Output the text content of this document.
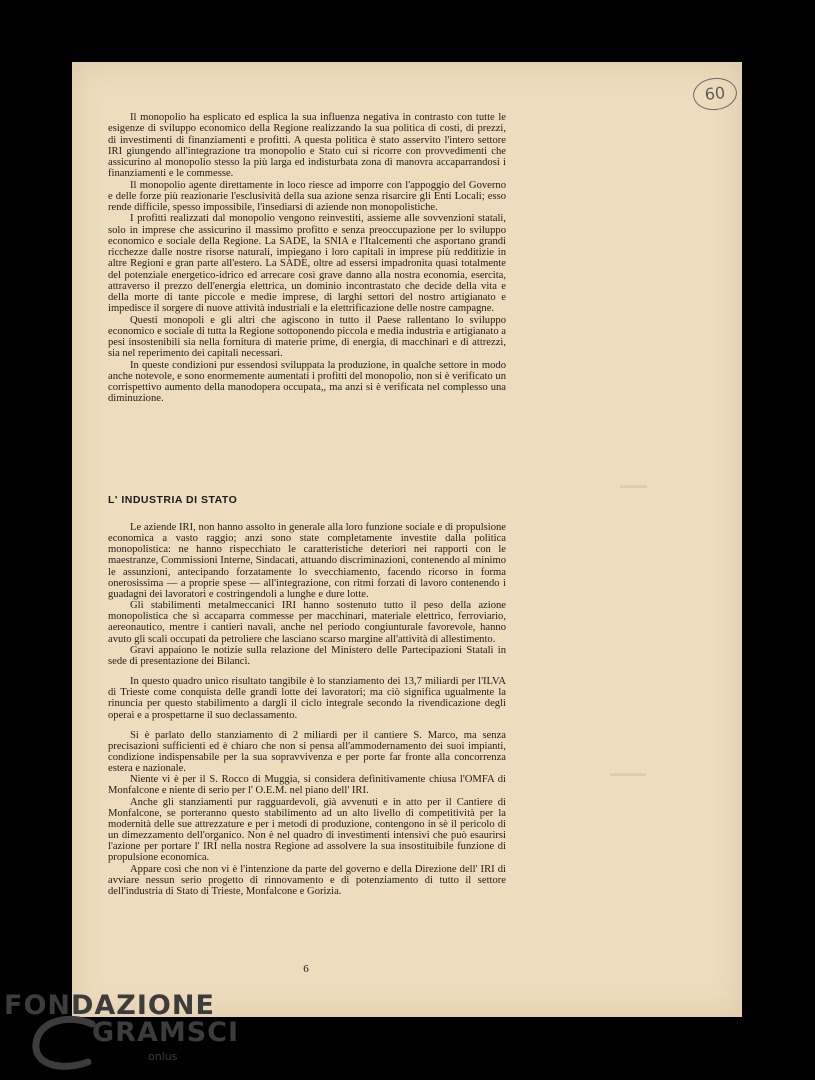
60
▬▬▬
▬▬▬▬

Il monopolio ha esplicato ed esplica la sua influenza negativa in contrasto con tutte le esigenze di sviluppo economico della Regione realizzando la sua politica di costi, di prezzi, di investimenti di finanziamenti e profitti. A questa politica è stato asservito l'intero settore IRI giungendo all'integrazione tra monopolio e Stato cui si ricorre con provvedimenti che assicurino al monopolio stesso la più larga ed indisturbata zona di manovra accaparrandosi i finanziamenti e le commesse.

Il monopolio agente direttamente in loco riesce ad imporre con l'appoggio del Governo e delle forze più reazionarie l'esclusività della sua azione senza risarcire gli Enti Locali; esso rende difficile, spesso impossibile, l'insediarsi di aziende non monopolistiche.

I profitti realizzati dal monopolio vengono reinvestiti, assieme alle sovvenzioni statali, solo in imprese che assicurino il massimo profitto e senza preoccupazione per lo sviluppo economico e sociale della Regione. La SADE, la SNIA e l'Italcementi che asportano grandi ricchezze dalle nostre risorse naturali, impiegano i loro capitali in imprese più redditizie in altre Regioni e gran parte all'estero. La SADE, oltre ad essersi impadronita quasi totalmente del potenziale energetico-idrico ed arrecare così grave danno alla nostra economia, esercita, attraverso il prezzo dell'energia elettrica, un dominio incontrastato che decide della vita e della morte di tante piccole e medie imprese, di larghi settori del nostro artigianato e impedisce il sorgere di nuove attività industriali e la elettrificazione delle nostre campagne.

Questi monopoli e gli altri che agiscono in tutto il Paese rallentano lo sviluppo economico e sociale di tutta la Regione sottoponendo piccola e media industria e artigianato a pesi insostenibili sia nella fornitura di materie prime, di energia, di macchinari e di attrezzi, sia nel reperimento dei capitali necessari.

In queste condizioni pur essendosi sviluppata la produzione, in qualche settore in modo anche notevole, e sono enormemente aumentati i profitti del monopolio, non si è verificato un corrispettivo aumento della manodopera occupata,, ma anzi si è verificata nel complesso una diminuzione.

L' INDUSTRIA DI STATO

Le aziende IRI, non hanno assolto in generale alla loro funzione sociale e di propulsione economica a vasto raggio; anzi sono state completamente investite dalla politica monopolistica: ne hanno rispecchiato le caratteristiche deteriori nei rapporti con le maestranze, Commissioni Interne, Sindacati, attuando discriminazioni, contenendo al minimo le assunzioni, antecipando forzatamente lo svecchiamento, facendo ricorso in forma onerosissima — a proprie spese — all'integrazione, con ritmi forzati di lavoro contenendo i guadagni dei lavoratori e costringendoli a lunghe e dure lotte.

Gli stabilimenti metalmeccanici IRI hanno sostenuto tutto il peso della azione monopolistica che si accaparra commesse per macchinari, materiale elettrico, ferroviario, aereonautico, mentre i cantieri navali, anche nel periodo congiunturale favorevole, hanno avuto gli scali occupati da petroliere che lasciano scarso margine all'attività di allestimento.

Gravi appaiono le notizie sulla relazione del Ministero delle Partecipazioni Statali in sede di presentazione dei Bilanci.

In questo quadro unico risultato tangibile è lo stanziamento dei 13,7 miliardi per l'ILVA di Trieste come conquista delle grandi lotte dei lavoratori; ma ciò significa ugualmente la rinuncia per questo stabilimento a dargli il ciclo integrale secondo la rivendicazione degli operai e a prospettarne il suo declassamento.

Si è parlato dello stanziamento di 2 miliardi per il cantiere S. Marco, ma senza precisazioni sufficienti ed è chiaro che non si pensa all'ammodernamento dei suoi impianti, condizione indispensabile per la sua sopravvivenza e per porte far fronte alla concorrenza estera e nazionale.

Niente vi è per il S. Rocco di Muggia, si considera definitivamente chiusa l'OMFA di Monfalcone e niente di serio per l' O.E.M. nel piano dell' IRI.

Anche gli stanziamenti pur ragguardevoli, già avvenuti e in atto per il Cantiere di Monfalcone, se porteranno questo stabilimento ad un alto livello di competitività per la modernità delle sue attrezzature e per i metodi di produzione, contengono in sè il pericolo di un dimezzamento dell'organico. Non è nel quadro di investimenti intensivi che può esaurirsi l'azione per portare l' IRI nella nostra Regione ad assolvere la sua insostituibile funzione di propulsione economica.

Appare così che non vi è l'intenzione da parte del governo e della Direzione dell' IRI di avviare nessun serio progetto di rinnovamento e di potenziamento di tutto il settore dell'industria di Stato di Trieste, Monfalcone e Gorizia.

6
FONDAZIONE
GRAMSCI
onlus
